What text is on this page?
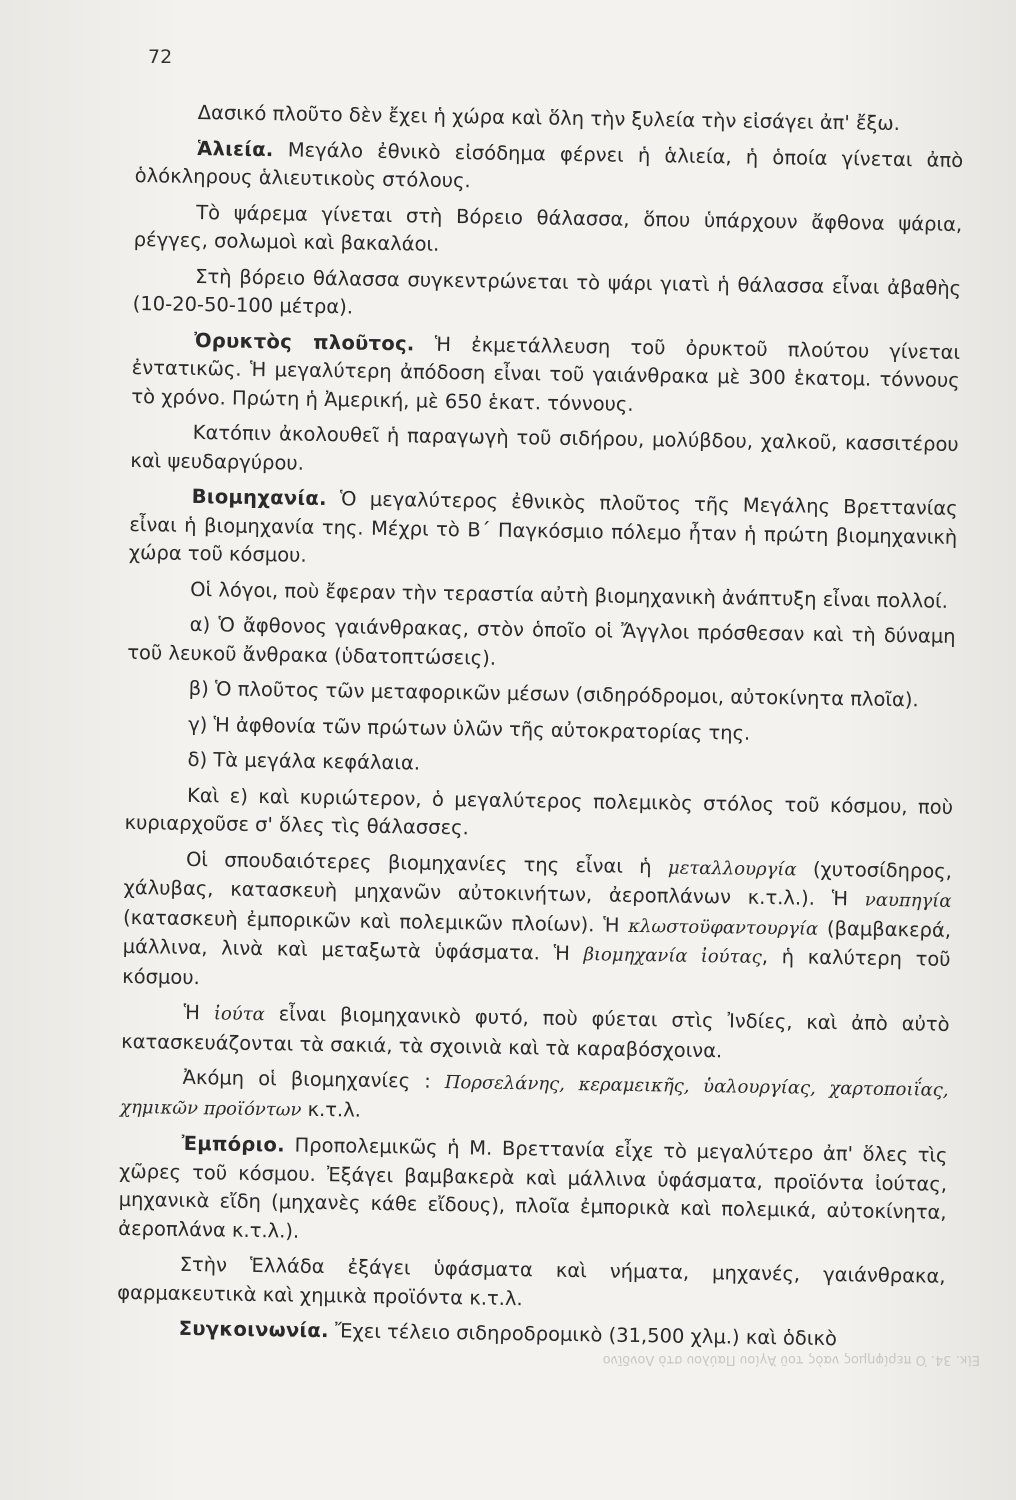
72

Δασικό πλοῦτο δὲν ἔχει ἡ χώρα καὶ ὅλη τὴν ξυλεία τὴν εἰσάγει ἀπ' ἔξω.

Ἁλιεία. Μεγάλο ἐθνικὸ εἰσόδημα φέρνει ἡ ἁλιεία, ἡ ὁποία γίνεται ἀπὸ ὁλόκληρους ἁλιευτικοὺς στόλους.

Τὸ ψάρεμα γίνεται στὴ Βόρειο θάλασσα, ὅπου ὑπάρχουν ἄφθονα ψάρια, ρέγγες, σολωμοὶ καὶ βακαλάοι.

Στὴ βόρειο θάλασσα συγκεντρώνεται τὸ ψάρι γιατὶ ἡ θάλασσα εἶναι ἀβαθὴς (10-20-50-100 μέτρα).

Ὀρυκτὸς πλοῦτος. Ἡ ἐκμετάλλευση τοῦ ὀρυκτοῦ πλούτου γίνεται ἐντατικῶς. Ἡ μεγαλύτερη ἀπόδοση εἶναι τοῦ γαιάνθρακα μὲ 300 ἑκατομ. τόννους τὸ χρόνο. Πρώτη ἡ Ἀμερική, μὲ 650 ἑκατ. τόννους.

Κατόπιν ἀκολουθεῖ ἡ παραγωγὴ τοῦ σιδήρου, μολύβδου, χαλκοῦ, κασσιτέρου καὶ ψευδαργύρου.

Βιομηχανία. Ὁ μεγαλύτερος ἐθνικὸς πλοῦτος τῆς Μεγάλης Βρεττανίας εἶναι ἡ βιομηχανία της. Μέχρι τὸ Β΄ Παγκόσμιο πόλεμο ἦταν ἡ πρώτη βιομηχανικὴ χώρα τοῦ κόσμου.

Οἱ λόγοι, ποὺ ἔφεραν τὴν τεραστία αὐτὴ βιομηχανικὴ ἀνάπτυξη εἶναι πολλοί.

α) Ὁ ἄφθονος γαιάνθρακας, στὸν ὁποῖο οἱ Ἄγγλοι πρόσθεσαν καὶ τὴ δύναμη τοῦ λευκοῦ ἄνθρακα (ὑδατοπτώσεις).

β) Ὁ πλοῦτος τῶν μεταφορικῶν μέσων (σιδηρόδρομοι, αὐτοκίνητα πλοῖα).

γ) Ἡ ἀφθονία τῶν πρώτων ὑλῶν τῆς αὐτοκρατορίας της.

δ) Τὰ μεγάλα κεφάλαια.

Καὶ ε) καὶ κυριώτερον, ὁ μεγαλύτερος πολεμικὸς στόλος τοῦ κόσμου, ποὺ κυριαρχοῦσε σ' ὅλες τὶς θάλασσες.

Οἱ σπουδαιότερες βιομηχανίες της εἶναι ἡ μεταλλουργία (χυτοσίδηρος, χάλυβας, κατασκευὴ μηχανῶν αὐτοκινήτων, ἀεροπλάνων κ.τ.λ.). Ἡ ναυπηγία (κατασκευὴ ἐμπορικῶν καὶ πολεμικῶν πλοίων). Ἡ κλωστοϋφαντουργία (βαμβακερά, μάλλινα, λινὰ καὶ μεταξωτὰ ὑφάσματα. Ἡ βιομηχανία ἰούτας, ἡ καλύτερη τοῦ κόσμου.

Ἡ ἰούτα εἶναι βιομηχανικὸ φυτό, ποὺ φύεται στὶς Ἰνδίες, καὶ ἀπὸ αὐτὸ κατασκευάζονται τὰ σακιά, τὰ σχοινιὰ καὶ τὰ καραβόσχοινα.

Ἀκόμη οἱ βιομηχανίες : Πορσελάνης, κεραμεικῆς, ὑαλουργίας, χαρτοποιΐας, χημικῶν προϊόντων κ.τ.λ.

Ἐμπόριο. Προπολεμικῶς ἡ Μ. Βρεττανία εἶχε τὸ μεγαλύτερο ἀπ' ὅλες τὶς χῶρες τοῦ κόσμου. Ἐξάγει βαμβακερὰ καὶ μάλλινα ὑφάσματα, προϊόντα ἰούτας, μηχανικὰ εἴδη (μηχανὲς κάθε εἴδους), πλοῖα ἐμπορικὰ καὶ πολεμικά, αὐτοκίνητα, ἀεροπλάνα κ.τ.λ.).

Στὴν Ἑλλάδα ἐξάγει ὑφάσματα καὶ νήματα, μηχανές, γαιάνθρακα, φαρμακευτικὰ καὶ χημικὰ προϊόντα κ.τ.λ.

Συγκοινωνία. Ἔχει τέλειο σιδηροδρομικὸ (31,500 χλμ.) καὶ ὁδικὸ

Εἰκ. 34. Ὁ περίφημος ναὸς τοῦ Ἁγίου Παύλου στὸ Λονδῖνο
